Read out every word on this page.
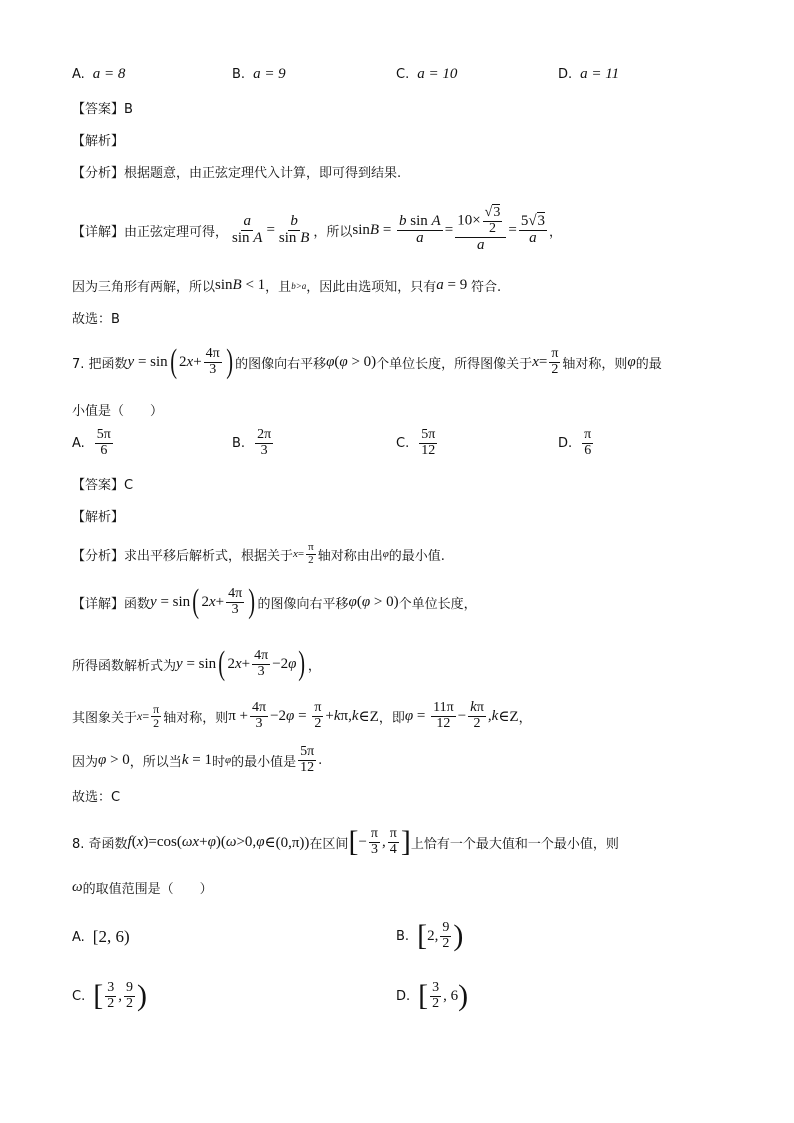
A. a = 8	B. a = 9	C. a = 10	D. a = 11
【答案】B
【解析】
【分析】根据题意，由正弦定理代入计算，即可得到结果.
【详解】由正弦定理可得， $\frac{a}{\text{sin A}} = \frac{b}{\text{sin B}}$ ，所以 $\sin B = \frac{\text{b sin A}}{a} = \frac{10\times \frac{√3}{2}}{a} = \frac{5√3}{a}$ ，
因为三角形有两解，所以 sin B < 1 ，且 b>a ，因此由选项知，只有 a = 9 符合.
故选：B
7. 把函数 y = sin ( 2 $x + \frac{4\pi}{3}$ ) 的图像向右平移 φ ( φ > 0) 个单位长度，所得图像关于 $x = \frac{\pi}{2}$ 轴对称，则 φ 的最
小值是（　　）
A. $\frac{5\pi}{6}$	B. $\frac{2\pi}{3}$	C. $\frac{5\pi}{12}$	D. $\frac{\pi}{6}$
【答案】C
【解析】
【分析】求出平移后解析式，根据关于 $x = \frac{\pi}{2}$ 轴对称由出 φ 的最小值.
【详解】函数 y = sin ( 2 $x + \frac{4\pi}{3}$ ) 的图像向右平移 φ ( φ > 0) 个单位长度，
所得函数解析式为 y = sin ( 2 $x + \frac{4\pi}{3} -2$ φ ) ，
其图象关于 $x = \frac{\pi}{2}$ 轴对称，则 $\pi + \frac{4\pi}{3} -2$ $\varphi = \frac{\pi}{2} + k$ π, k ∈Z ，即 $\varphi = \frac{11\pi}{12} - \frac{k\pi}{2}$ , k ∈Z ，
因为 φ > 0 ，所以当 k = 1 时 φ 的最小值是 $\frac{5\pi}{12}$ .
故选：C
8. 奇函数 f ( x )=cos( ωx + φ )( ω >0, φ ∈(0,π)) 在区间 [ − $\frac{\pi}{3}$ , $\frac{\pi}{4}$ ] 上恰有一个最大值和一个最小值，则
ω 的取值范围是（　　）
A. [2, 6)	B. [ 2, $\frac{9}{2}$ )
C. [ $\frac{3}{2}$ , $\frac{9}{2}$ )	D. [ $\frac{3}{2}$ , 6 )
